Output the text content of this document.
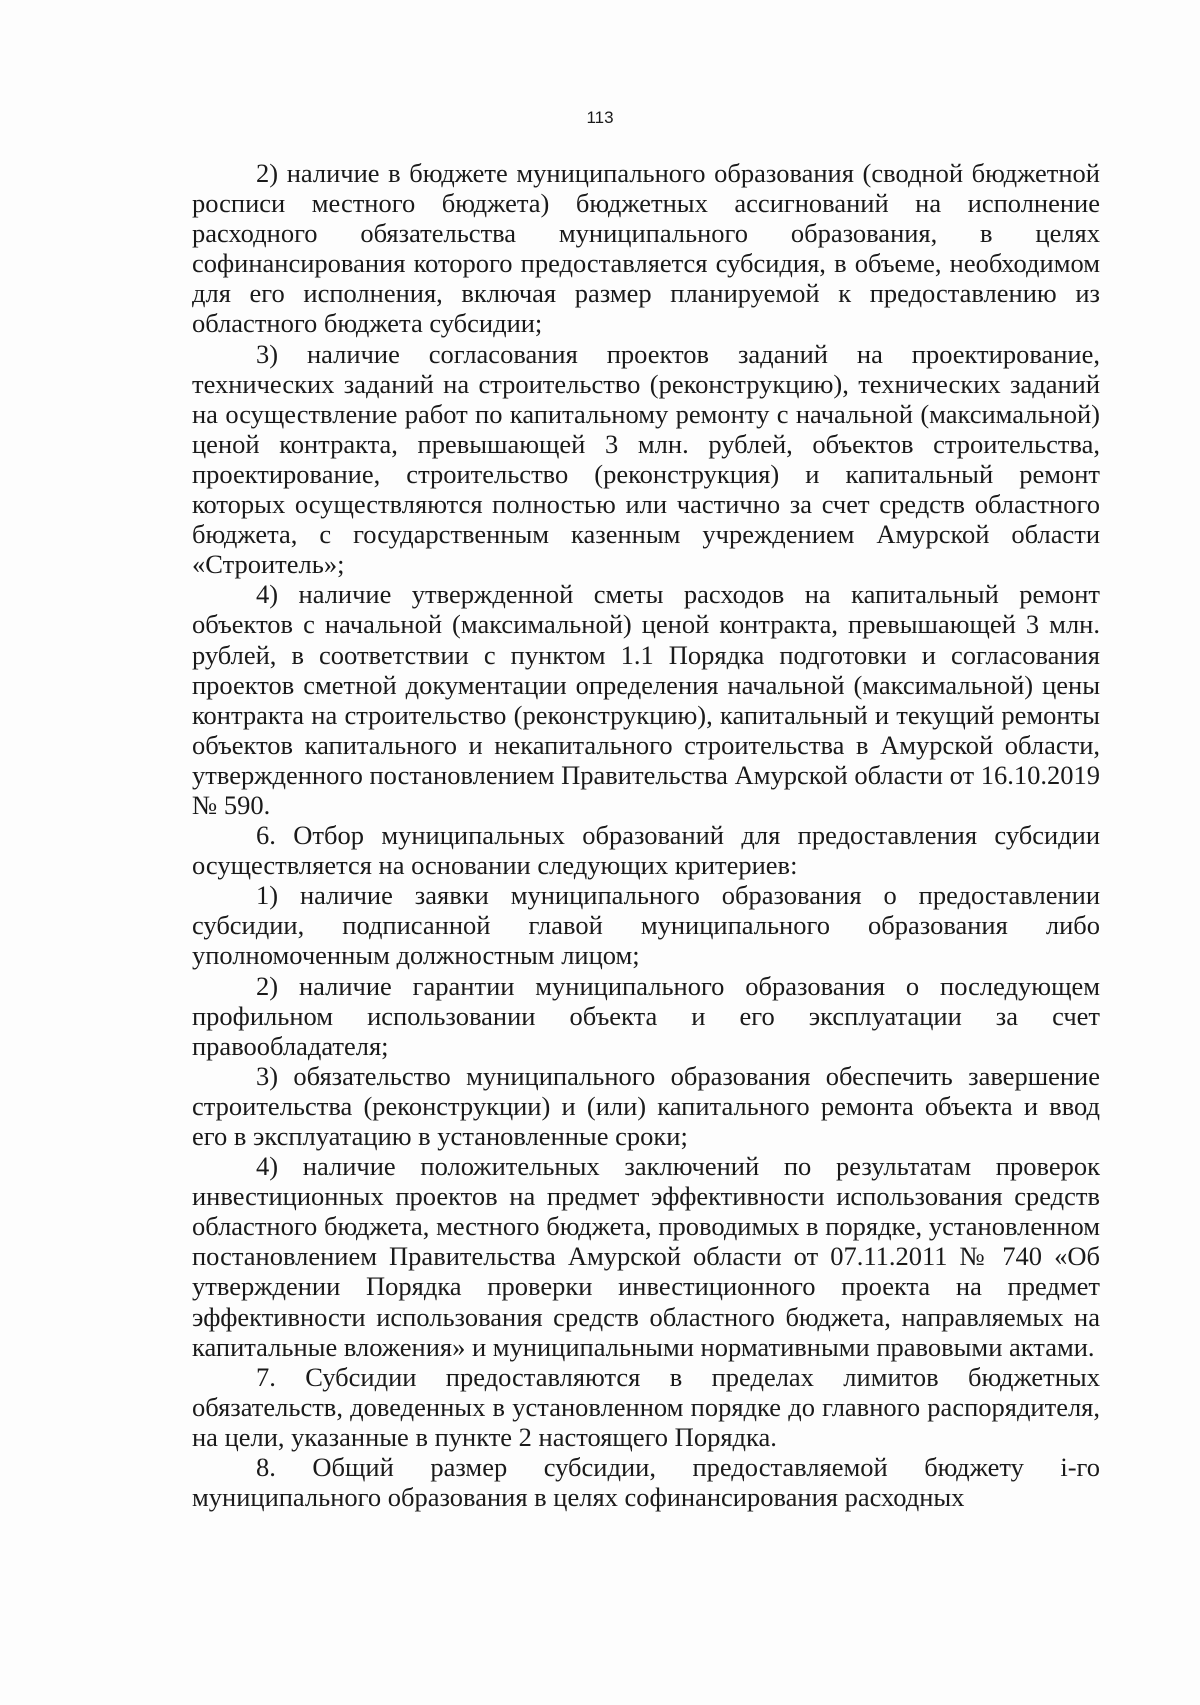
113

2) наличие в бюджете муниципального образования (сводной бюджетной росписи местного бюджета) бюджетных ассигнований на исполнение расходного обязательства муниципального образования, в целях софинансирования которого предоставляется субсидия, в объеме, необходимом для его исполнения, включая размер планируемой к предоставлению из областного бюджета субсидии;

3) наличие согласования проектов заданий на проектирование, технических заданий на строительство (реконструкцию), технических заданий на осуществление работ по капитальному ремонту с начальной (максимальной) ценой контракта, превышающей 3 млн. рублей, объектов строительства, проектирование, строительство (реконструкция) и капитальный ремонт которых осуществляются полностью или частично за счет средств областного бюджета, с государственным казенным учреждением Амурской области «Строитель»;

4) наличие утвержденной сметы расходов на капитальный ремонт объектов с начальной (максимальной) ценой контракта, превышающей 3 млн. рублей, в соответствии с пунктом 1.1 Порядка подготовки и согласования проектов сметной документации определения начальной (максимальной) цены контракта на строительство (реконструкцию), капитальный и текущий ремонты объектов капитального и некапитального строительства в Амурской области, утвержденного постановлением Правительства Амурской области от 16.10.2019 № 590.

6. Отбор муниципальных образований для предоставления субсидии осуществляется на основании следующих критериев:

1) наличие заявки муниципального образования о предоставлении субсидии, подписанной главой муниципального образования либо уполномоченным должностным лицом;

2) наличие гарантии муниципального образования о последующем профильном использовании объекта и его эксплуатации за счет правообладателя;

3) обязательство муниципального образования обеспечить завершение строительства (реконструкции) и (или) капитального ремонта объекта и ввод его в эксплуатацию в установленные сроки;

4) наличие положительных заключений по результатам проверок инвестиционных проектов на предмет эффективности использования средств областного бюджета, местного бюджета, проводимых в порядке, установленном постановлением Правительства Амурской области от 07.11.2011 № 740 «Об утверждении Порядка проверки инвестиционного проекта на предмет эффективности использования средств областного бюджета, направляемых на капитальные вложения» и муниципальными нормативными правовыми актами.

7. Субсидии предоставляются в пределах лимитов бюджетных обязательств, доведенных в установленном порядке до главного распорядителя, на цели, указанные в пункте 2 настоящего Порядка.

8. Общий размер субсидии, предоставляемой бюджету i-го муниципального образования в целях софинансирования расходных
